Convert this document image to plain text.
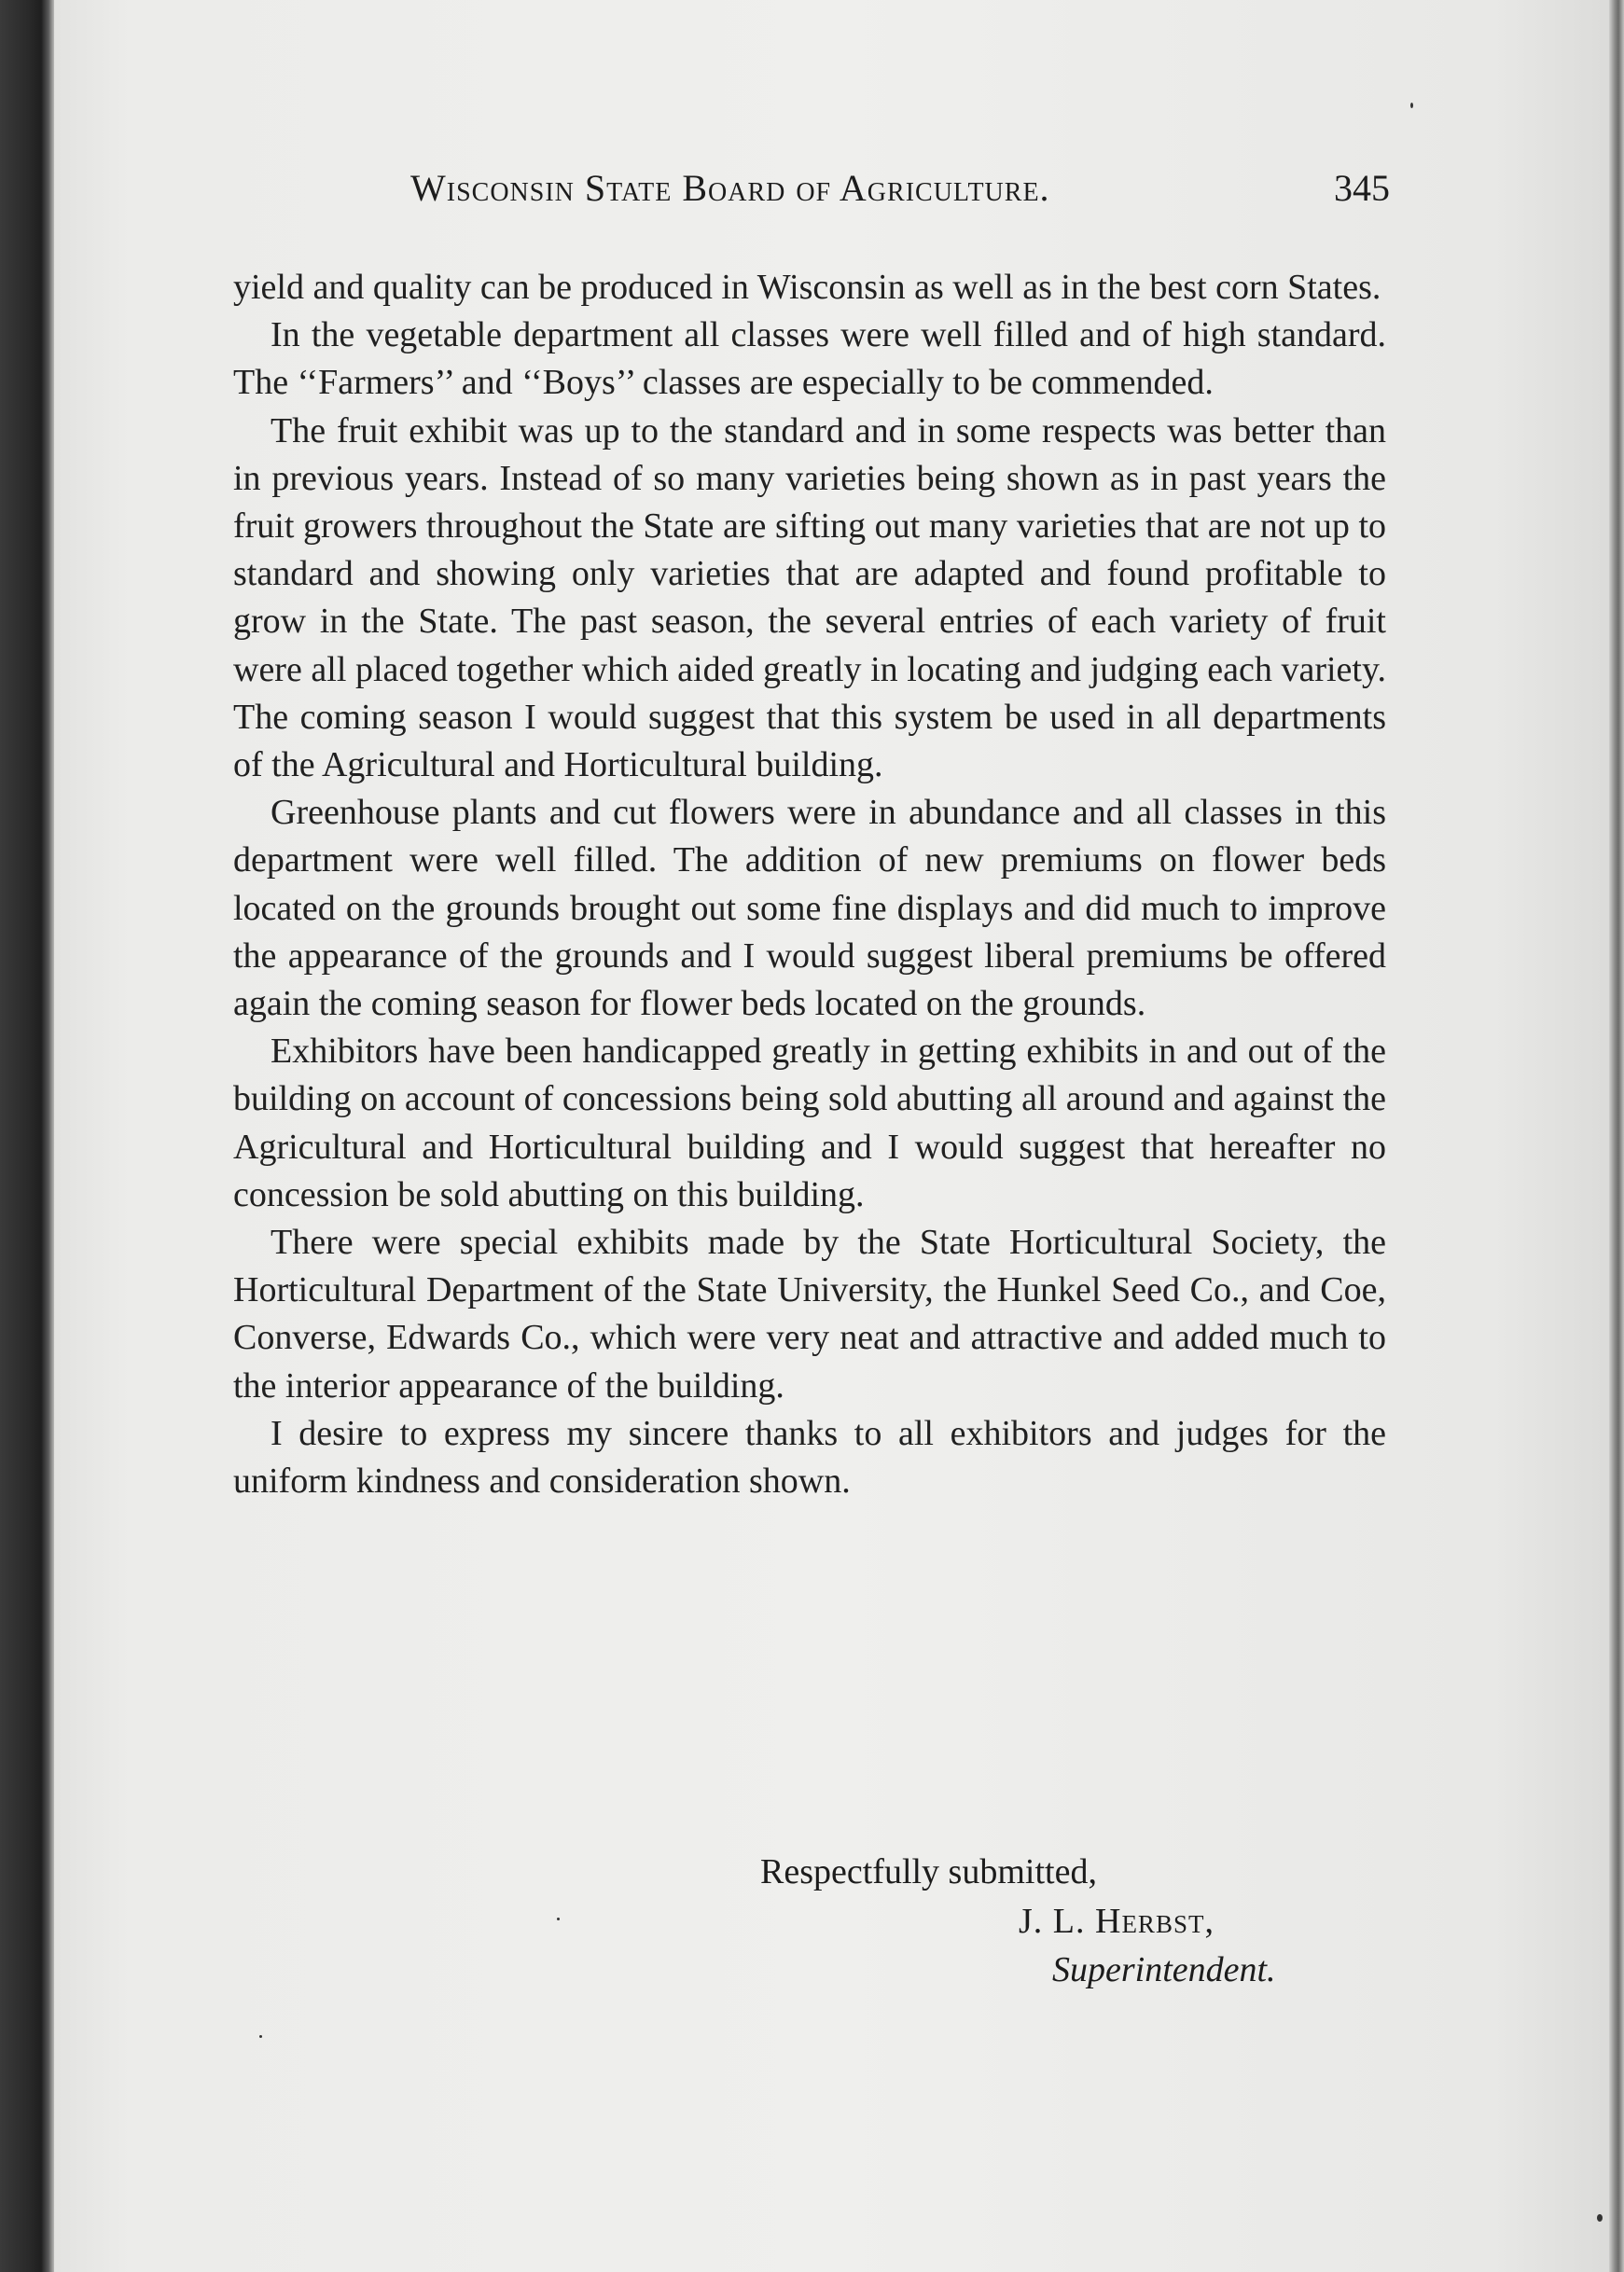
Wisconsin State Board of Agriculture.	345

yield and quality can be produced in Wisconsin as well as in the best corn States.

In the vegetable department all classes were well filled and of high standard. The ‘‘Farmers’’ and ‘‘Boys’’ classes are especially to be commended.

The fruit exhibit was up to the standard and in some respects was better than in previous years. Instead of so many varieties being shown as in past years the fruit growers throughout the State are sifting out many varieties that are not up to standard and showing only varieties that are adapted and found profitable to grow in the State. The past season, the several entries of each variety of fruit were all placed together which aided greatly in locating and judging each variety. The coming season I would suggest that this system be used in all departments of the Agricultural and Horticultural building.

Greenhouse plants and cut flowers were in abundance and all classes in this department were well filled. The addition of new premiums on flower beds located on the grounds brought out some fine displays and did much to improve the appearance of the grounds and I would suggest liberal premiums be offered again the coming season for flower beds located on the grounds.

Exhibitors have been handicapped greatly in getting exhibits in and out of the building on account of concessions being sold abutting all around and against the Agricultural and Horticultural building and I would suggest that hereafter no concession be sold abutting on this building.

There were special exhibits made by the State Horticultural Society, the Horticultural Department of the State University, the Hunkel Seed Co., and Coe, Converse, Edwards Co., which were very neat and attractive and added much to the interior appearance of the building.

I desire to express my sincere thanks to all exhibitors and judges for the uniform kindness and consideration shown.

Respectfully submitted,
J. L. Herbst,
Superintendent.
